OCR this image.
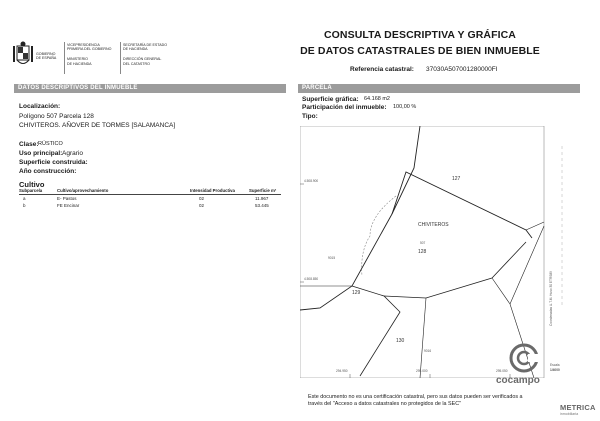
GOBIERNO
DE ESPAÑA
VICEPRESIDENCIA
PRIMERA DEL GOBIERNO
MINISTERIO
DE HACIENDA
SECRETARÍA DE ESTADO
DE HACIENDA
DIRECCIÓN GENERAL
DEL CATASTRO
CONSULTA DESCRIPTIVA Y GRÁFICA
DE DATOS CATASTRALES DE BIEN INMUEBLE
Referencia catastral: 37030A507001280000FI
DATOS DESCRIPTIVOS DEL INMUEBLE
Localización:
Polígono 507 Parcela 128
CHIVITEROS. AÑOVER DE TORMES [SALAMANCA]
Clase: RÚSTICO
Uso principal: Agrario
Superficie construida:
Año construcción:
Cultivo
Subparcela	Cultivo/aprovechamiento	Intensidad Productiva	Superficie m²
a	E- Pastos	02	11.967
b	FE Encinar	02	53.445
PARCELA
Superficie gráfica: 64.168 m2
Participación del inmueble: 100,00 %
Tipo:
127
CHIVITEROS
507
128
129
130
9015
9016
4.508.900
4.508.850
294.950	295.000	295.050
Coordenadas U.T.M. Huso 30 ETRS89
Escala
1/4000
cocampo
Este documento no es una certificación catastral, pero sus datos pueden ser verificados a
través del "Acceso a datos catastrales no protegidos de la SEC"	METRICA
inmobiliaria
